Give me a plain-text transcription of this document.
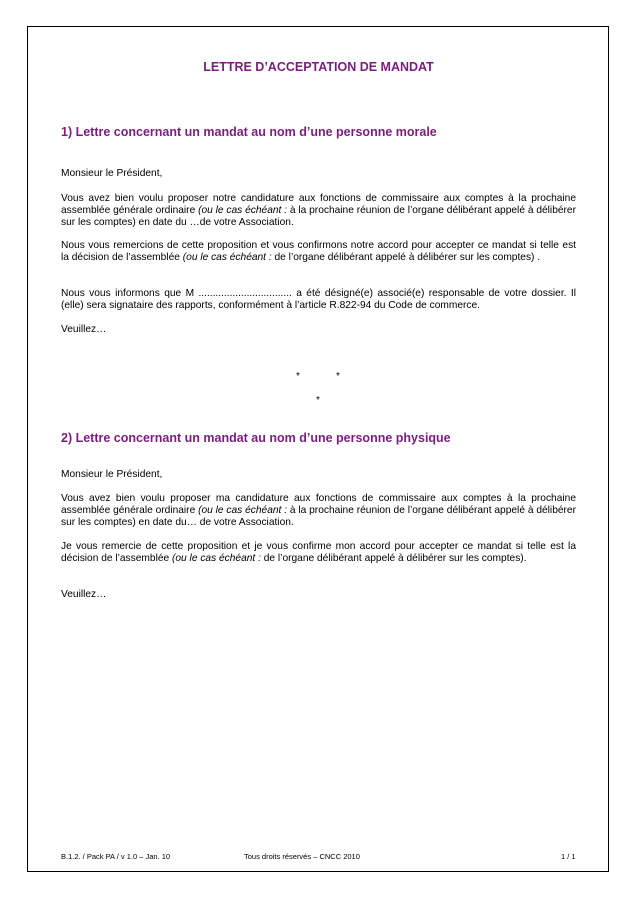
LETTRE D’ACCEPTATION DE MANDAT
1) Lettre concernant un mandat au nom d’une personne morale
Monsieur le Président,
Vous avez bien voulu proposer notre candidature aux fonctions de commissaire aux comptes à la prochaine assemblée générale ordinaire (ou le cas échéant : à la prochaine réunion de l’organe délibérant appelé à délibérer sur les comptes) en date du …de votre Association.
Nous vous remercions de cette proposition et vous confirmons notre accord pour accepter ce mandat si telle est la décision de l’assemblée (ou le cas échéant : de l’organe délibérant appelé à délibérer sur les comptes) .
Nous vous informons que M ................................. a été désigné(e) associé(e) responsable de votre dossier. Il (elle) sera signataire des rapports, conformément à l’article R.822-94 du Code de commerce.
Veuillez…
*	*
*
2) Lettre concernant un mandat au nom d’une personne physique
Monsieur le Président,
Vous avez bien voulu proposer ma candidature aux fonctions de commissaire aux comptes à la prochaine assemblée générale ordinaire (ou le cas échéant : à la prochaine réunion de l’organe délibérant appelé à délibérer sur les comptes) en date du… de votre Association.
Je vous remercie de cette proposition et je vous confirme mon accord pour accepter ce mandat si telle est la décision de l’assemblée (ou le cas échéant : de l’organe délibérant appelé à délibérer sur les comptes).
Veuillez…
B.1.2. / Pack PA / v 1.0 – Jan. 10	Tous droits réservés – CNCC 2010	1 / 1
